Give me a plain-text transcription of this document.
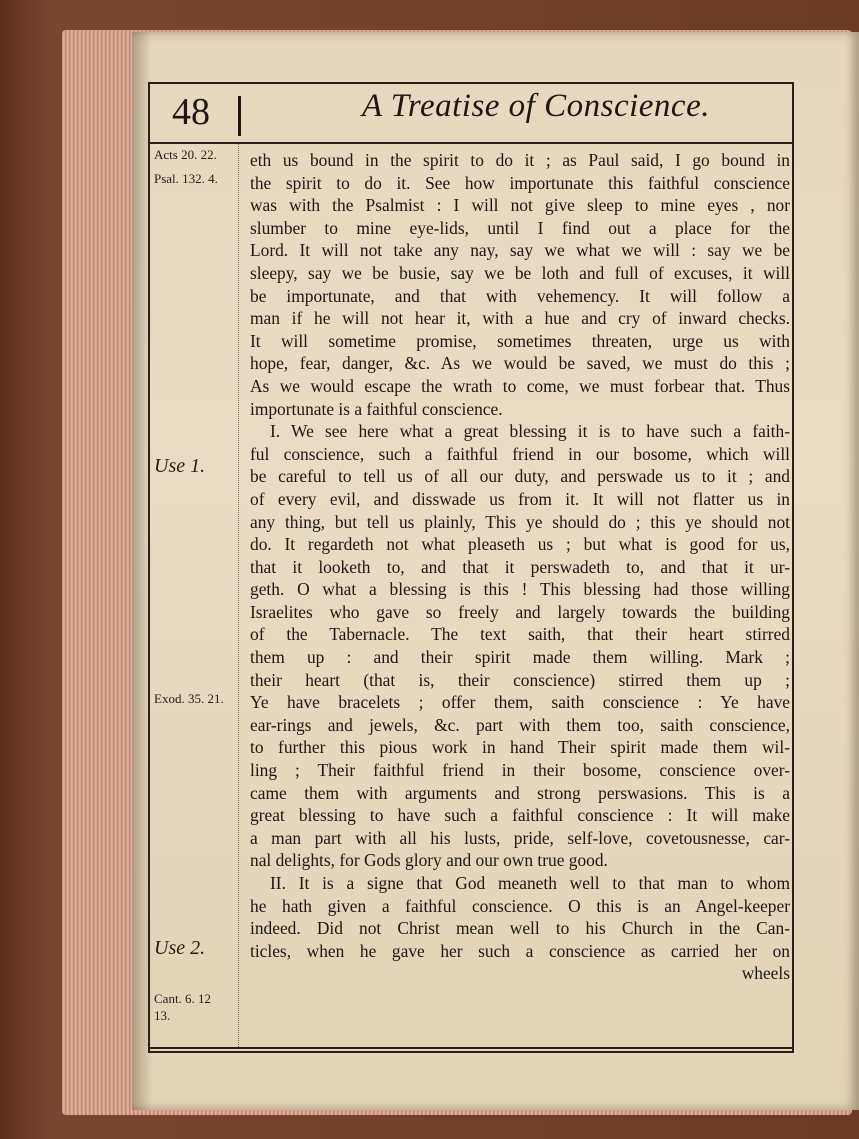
48	A Treatise of Conscience.
Acts 20. 22.
Psal. 132. 4.
Use 1.
Exod. 35. 21.
Use 2.
Cant. 6. 12 13.
eth us bound in the spirit to do it ; as Paul said, I go bound in
the spirit to do it. See how importunate this faithful conscience
was with the Psalmist : I will not give sleep to mine eyes , nor
slumber to mine eye-lids, until I find out a place for the
Lord. It will not take any nay, say we what we will : say we be
sleepy, say we be busie, say we be loth and full of excuses, it will
be importunate, and that with vehemency. It will follow a
man if he will not hear it, with a hue and cry of inward checks.
It will sometime promise, sometimes threaten, urge us with
hope, fear, danger, &c. As we would be saved, we must do this ;
As we would escape the wrath to come, we must forbear that. Thus
importunate is a faithful conscience.
I. We see here what a great blessing it is to have such a faith-
ful conscience, such a faithful friend in our bosome, which will
be careful to tell us of all our duty, and perswade us to it ; and
of every evil, and disswade us from it. It will not flatter us in
any thing, but tell us plainly, This ye should do ; this ye should not
do. It regardeth not what pleaseth us ; but what is good for us,
that it looketh to, and that it perswadeth to, and that it ur-
geth. O what a blessing is this ! This blessing had those willing
Israelites who gave so freely and largely towards the building
of the Tabernacle. The text saith, that their heart stirred
them up : and their spirit made them willing. Mark ;
their heart (that is, their conscience) stirred them up ;
Ye have bracelets ; offer them, saith conscience : Ye have
ear-rings and jewels, &c. part with them too, saith conscience,
to further this pious work in hand Their spirit made them wil-
ling ; Their faithful friend in their bosome, conscience over-
came them with arguments and strong perswasions. This is a
great blessing to have such a faithful conscience : It will make
a man part with all his lusts, pride, self-love, covetousnesse, car-
nal delights, for Gods glory and our own true good.
II. It is a signe that God meaneth well to that man to whom
he hath given a faithful conscience. O this is an Angel-keeper
indeed. Did not Christ mean well to his Church in the Can-
ticles, when he gave her such a conscience as carried her on
wheels
